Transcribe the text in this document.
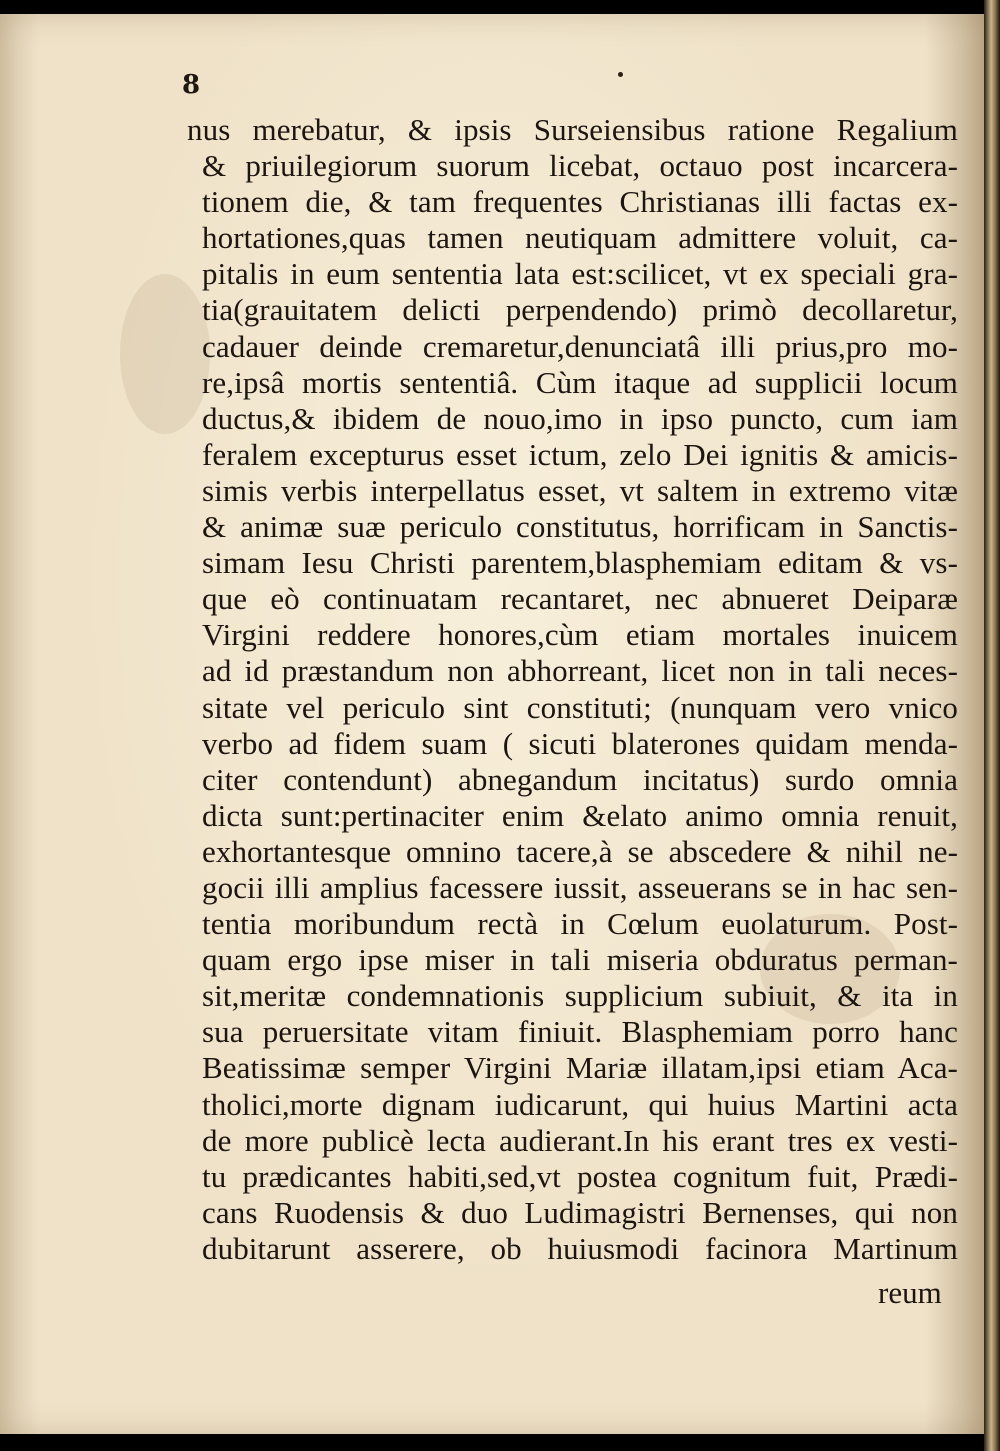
8
nus merebatur, & ipsis Surseiensibus ratione Regalium
& priuilegiorum suorum licebat, octauo post incarcera-
tionem die, & tam frequentes Christianas illi factas ex-
hortationes,quas tamen neutiquam admittere voluit, ca-
pitalis in eum sententia lata est:scilicet, vt ex speciali gra-
tia(grauitatem delicti perpendendo) primò decollaretur,
cadauer deinde cremaretur,denunciatâ illi prius,pro mo-
re,ipsâ mortis sententiâ. Cùm itaque ad supplicii locum
ductus,& ibidem de nouo,imo in ipso puncto, cum iam
feralem excepturus esset ictum, zelo Dei ignitis & amicis-
simis verbis interpellatus esset, vt saltem in extremo vitæ
& animæ suæ periculo constitutus, horrificam in Sanctis-
simam Iesu Christi parentem,blasphemiam editam & vs-
que eò continuatam recantaret, nec abnueret Deiparæ
Virgini reddere honores,cùm etiam mortales inuicem
ad id præstandum non abhorreant, licet non in tali neces-
sitate vel periculo sint constituti; (nunquam vero vnico
verbo ad fidem suam ( sicuti blaterones quidam menda-
citer contendunt) abnegandum incitatus) surdo omnia
dicta sunt:pertinaciter enim &elato animo omnia renuit,
exhortantesque omnino tacere,à se abscedere & nihil ne-
gocii illi amplius facessere iussit, asseuerans se in hac sen-
tentia moribundum rectà in Cœlum euolaturum. Post-
quam ergo ipse miser in tali miseria obduratus perman-
sit,meritæ condemnationis supplicium subiuit, & ita in
sua peruersitate vitam finiuit. Blasphemiam porro hanc
Beatissimæ semper Virgini Mariæ illatam,ipsi etiam Aca-
tholici,morte dignam iudicarunt, qui huius Martini acta
de more publicè lecta audierant.In his erant tres ex vesti-
tu prædicantes habiti,sed,vt postea cognitum fuit, Prædi-
cans Ruodensis & duo Ludimagistri Bernenses, qui non
dubitarunt asserere, ob huiusmodi facinora Martinum
reum
